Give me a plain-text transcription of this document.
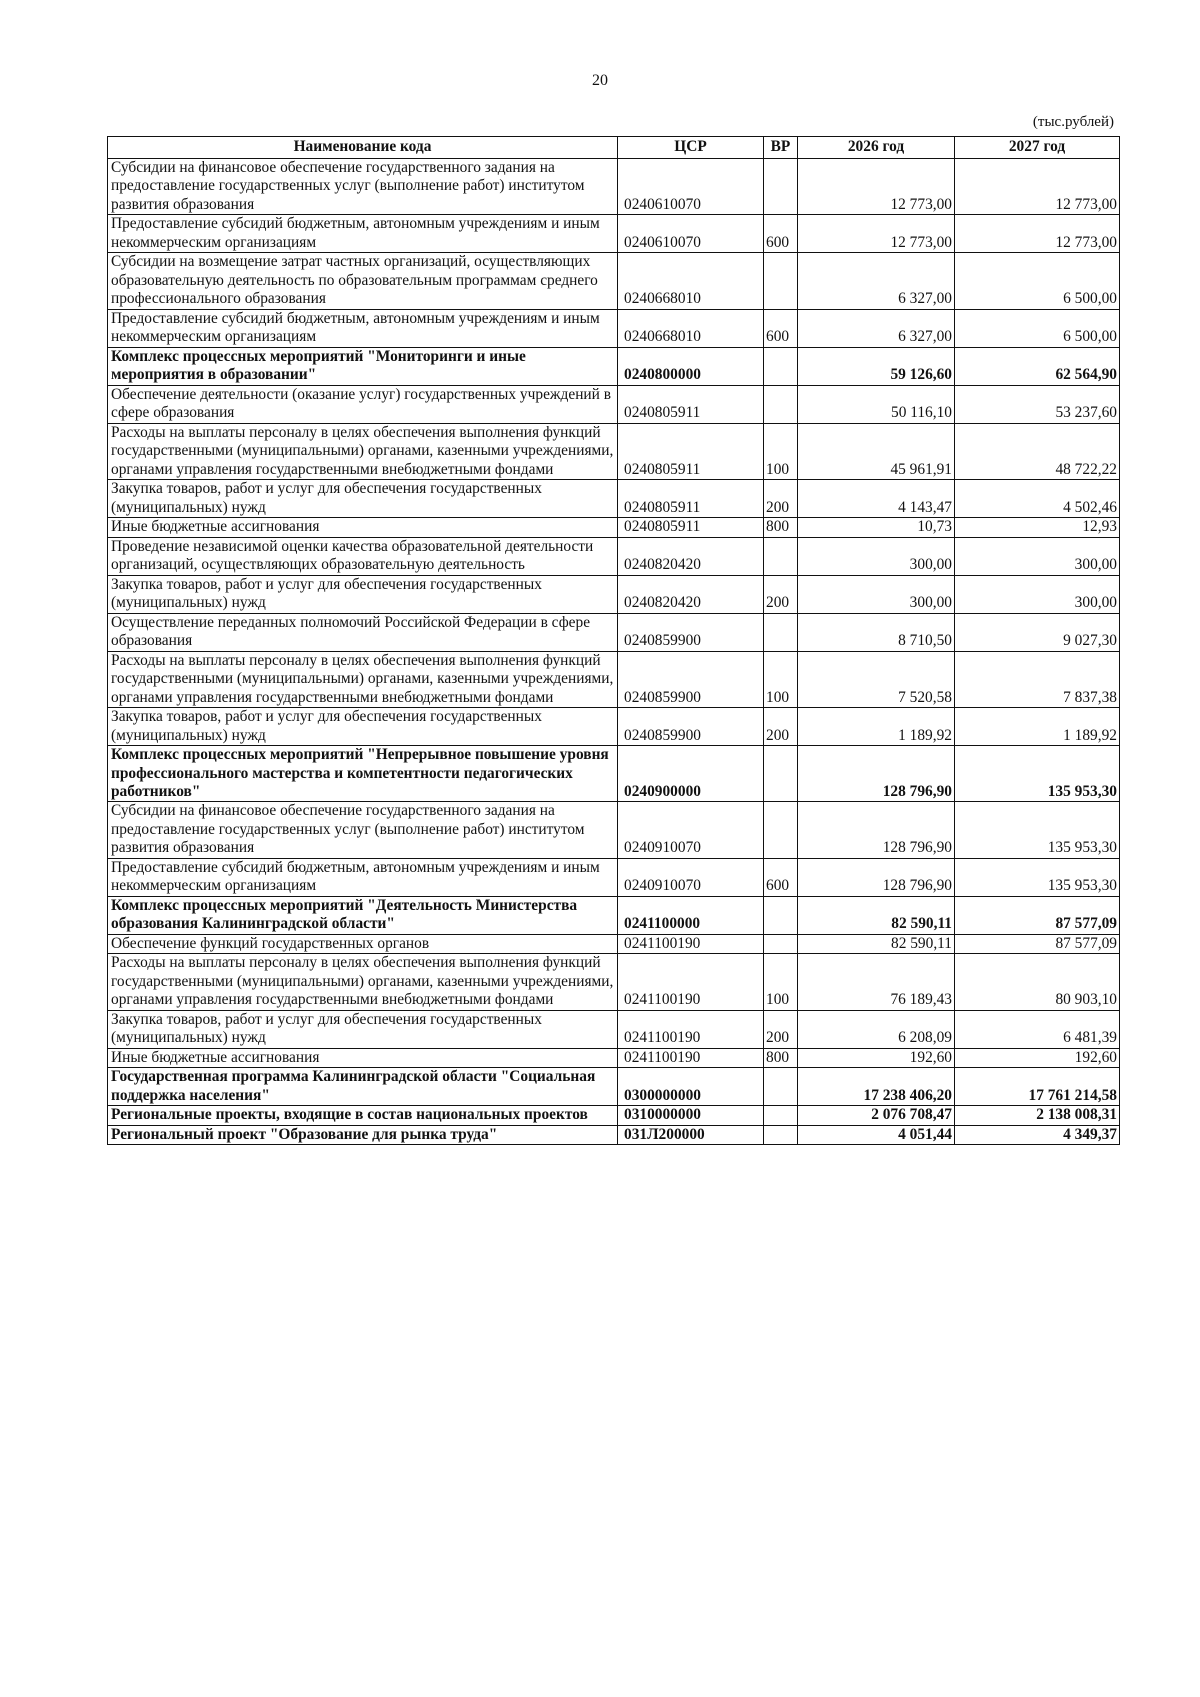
20
(тыс.рублей)
Наименование кода	ЦСР	ВР	2026 год	2027 год
Субсидии на финансовое обеспечение государственного задания на предоставление государственных услуг (выполнение работ) институтом развития образования	0240610070		12 773,00	12 773,00
Предоставление субсидий бюджетным, автономным учреждениям и иным некоммерческим организациям	0240610070	600	12 773,00	12 773,00
Субсидии на возмещение затрат частных организаций, осуществляющих образовательную деятельность по образовательным программам среднего профессионального образования	0240668010		6 327,00	6 500,00
Предоставление субсидий бюджетным, автономным учреждениям и иным некоммерческим организациям	0240668010	600	6 327,00	6 500,00
Комплекс процессных мероприятий "Мониторинги и иные мероприятия в образовании"	0240800000		59 126,60	62 564,90
Обеспечение деятельности (оказание услуг) государственных учреждений в сфере образования	0240805911		50 116,10	53 237,60
Расходы на выплаты персоналу в целях обеспечения выполнения функций государственными (муниципальными) органами, казенными учреждениями, органами управления государственными внебюджетными фондами	0240805911	100	45 961,91	48 722,22
Закупка товаров, работ и услуг для обеспечения государственных (муниципальных) нужд	0240805911	200	4 143,47	4 502,46
Иные бюджетные ассигнования	0240805911	800	10,73	12,93
Проведение независимой оценки качества образовательной деятельности организаций, осуществляющих образовательную деятельность	0240820420		300,00	300,00
Закупка товаров, работ и услуг для обеспечения государственных (муниципальных) нужд	0240820420	200	300,00	300,00
Осуществление переданных полномочий Российской Федерации в сфере образования	0240859900		8 710,50	9 027,30
Расходы на выплаты персоналу в целях обеспечения выполнения функций государственными (муниципальными) органами, казенными учреждениями, органами управления государственными внебюджетными фондами	0240859900	100	7 520,58	7 837,38
Закупка товаров, работ и услуг для обеспечения государственных (муниципальных) нужд	0240859900	200	1 189,92	1 189,92
Комплекс процессных мероприятий "Непрерывное повышение уровня профессионального мастерства и компетентности педагогических работников"	0240900000		128 796,90	135 953,30
Субсидии на финансовое обеспечение государственного задания на предоставление государственных услуг (выполнение работ) институтом развития образования	0240910070		128 796,90	135 953,30
Предоставление субсидий бюджетным, автономным учреждениям и иным некоммерческим организациям	0240910070	600	128 796,90	135 953,30
Комплекс процессных мероприятий "Деятельность Министерства образования Калининградской области"	0241100000		82 590,11	87 577,09
Обеспечение функций государственных органов	0241100190		82 590,11	87 577,09
Расходы на выплаты персоналу в целях обеспечения выполнения функций государственными (муниципальными) органами, казенными учреждениями, органами управления государственными внебюджетными фондами	0241100190	100	76 189,43	80 903,10
Закупка товаров, работ и услуг для обеспечения государственных (муниципальных) нужд	0241100190	200	6 208,09	6 481,39
Иные бюджетные ассигнования	0241100190	800	192,60	192,60
Государственная программа Калининградской области "Социальная поддержка населения"	0300000000		17 238 406,20	17 761 214,58
Региональные проекты, входящие в состав национальных проектов	0310000000		2 076 708,47	2 138 008,31
Региональный проект "Образование для рынка труда"	031Л200000		4 051,44	4 349,37
